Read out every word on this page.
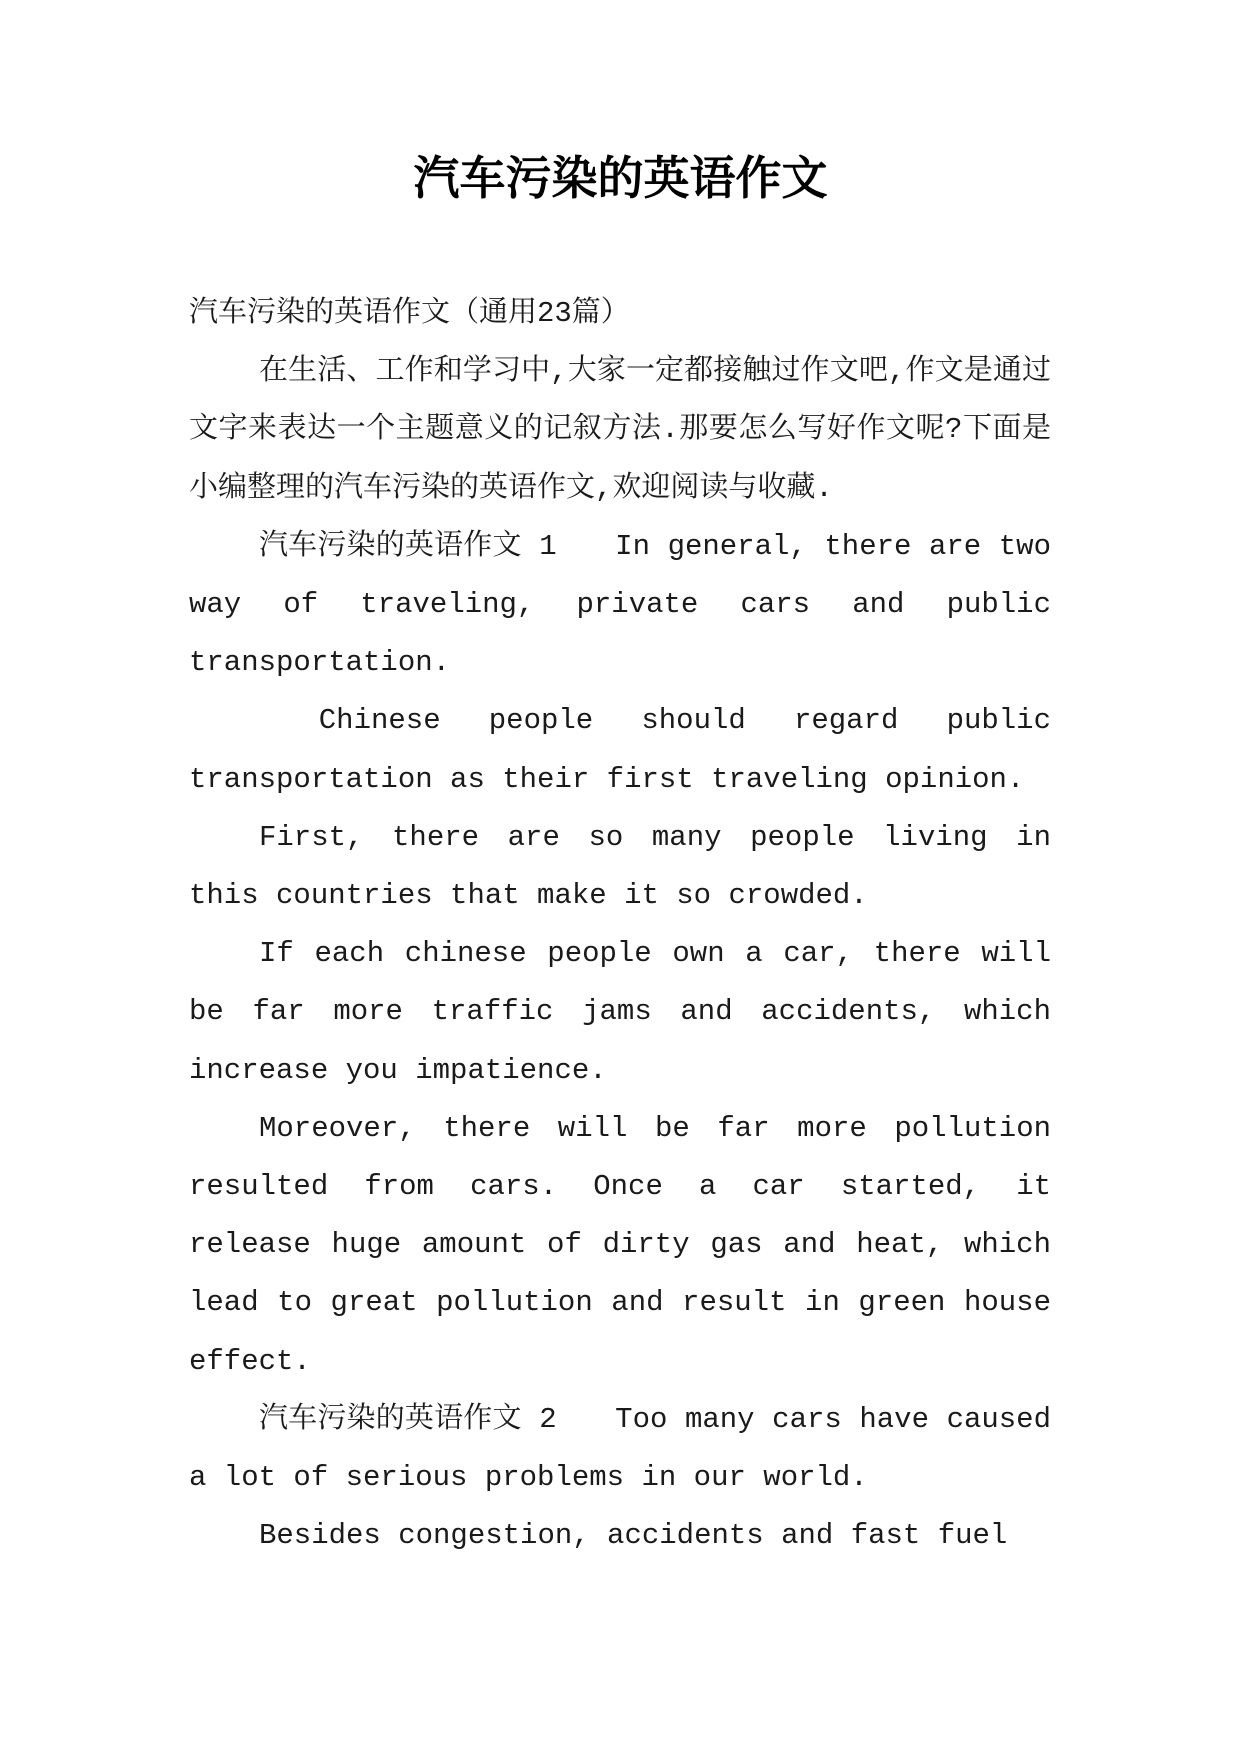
汽车污染的英语作文

汽车污染的英语作文（通用23篇）

在生活、工作和学习中,大家一定都接触过作文吧,作文是通过文字来表达一个主题意义的记叙方法.那要怎么写好作文呢?下面是小编整理的汽车污染的英语作文,欢迎阅读与收藏.

汽车污染的英语作文 1　　In general, there are two way of traveling, private cars and public transportation.

　Chinese people should regard public transportation as their first traveling opinion.

First, there are so many people living in this countries that make it so crowded.

If each chinese people own a car, there will be far more traffic jams and accidents, which increase you impatience.

Moreover, there will be far more pollution resulted from cars. Once a car started, it release huge amount of dirty gas and heat, which lead to great pollution and result in green house effect.

汽车污染的英语作文 2　　Too many cars have caused a lot of serious problems in our world.

Besides congestion, accidents and fast fuel
